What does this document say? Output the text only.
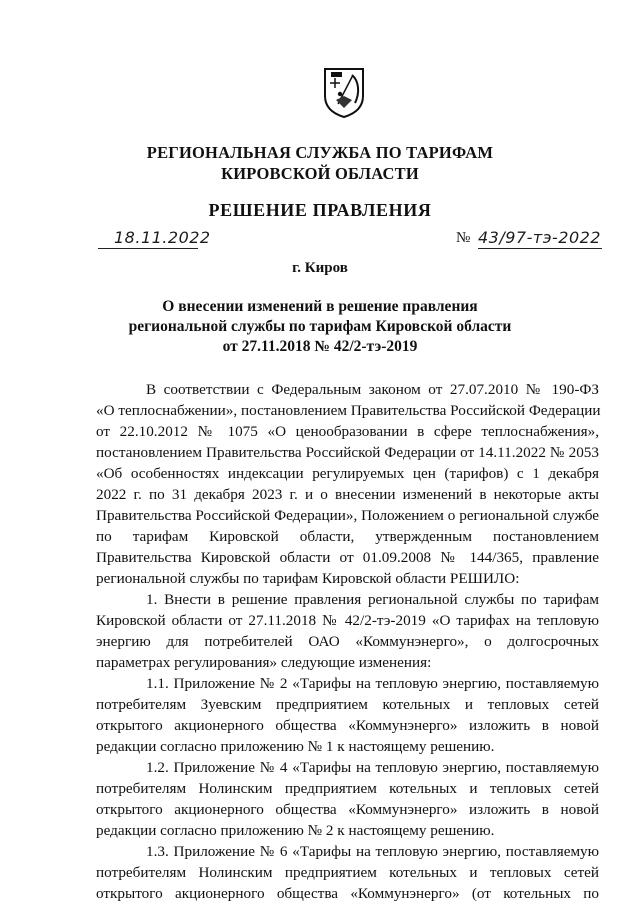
РЕГИОНАЛЬНАЯ СЛУЖБА ПО ТАРИФАМ
КИРОВСКОЙ ОБЛАСТИ
РЕШЕНИЕ ПРАВЛЕНИЯ
18.11.2022	№ 43/97-тэ-2022
г. Киров
О внесении изменений в решение правления
региональной службы по тарифам Кировской области
от 27.11.2018 № 42/2-тэ-2019
В соответствии с Федеральным законом от 27.07.2010 № 190-ФЗ
«О теплоснабжении», постановлением Правительства Российской Федерации
от 22.10.2012 № 1075 «О ценообразовании в сфере теплоснабжения»,
постановлением Правительства Российской Федерации от 14.11.2022 № 2053
«Об особенностях индексации регулируемых цен (тарифов) с 1 декабря
2022 г. по 31 декабря 2023 г. и о внесении изменений в некоторые акты
Правительства Российской Федерации», Положением о региональной службе
по тарифам Кировской области, утвержденным постановлением
Правительства Кировской области от 01.09.2008 № 144/365, правление
региональной службы по тарифам Кировской области РЕШИЛО:
1. Внести в решение правления региональной службы по тарифам
Кировской области от 27.11.2018 № 42/2-тэ-2019 «О тарифах на тепловую
энергию для потребителей ОАО «Коммунэнерго», о долгосрочных
параметрах регулирования» следующие изменения:
1.1. Приложение № 2 «Тарифы на тепловую энергию, поставляемую
потребителям Зуевским предприятием котельных и тепловых сетей
открытого акционерного общества «Коммунэнерго» изложить в новой
редакции согласно приложению № 1 к настоящему решению.
1.2. Приложение № 4 «Тарифы на тепловую энергию, поставляемую
потребителям Нолинским предприятием котельных и тепловых сетей
открытого акционерного общества «Коммунэнерго» изложить в новой
редакции согласно приложению № 2 к настоящему решению.
1.3. Приложение № 6 «Тарифы на тепловую энергию, поставляемую
потребителям Нолинским предприятием котельных и тепловых сетей
открытого акционерного общества «Коммунэнерго» (от котельных по
